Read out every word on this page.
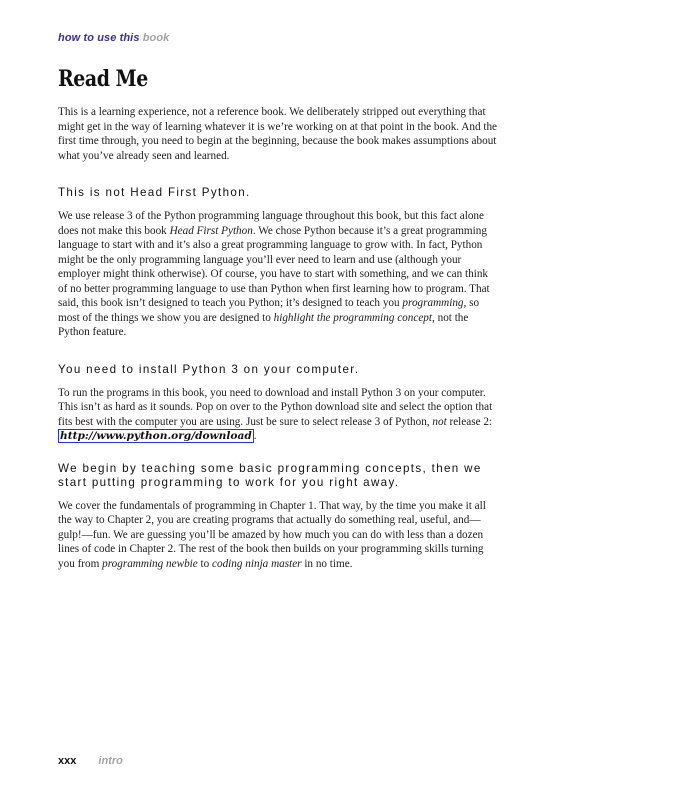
how to use this book
Read Me

This is a learning experience, not a reference book. We deliberately stripped out everything that might get in the way of learning whatever it is we’re working on at that point in the book. And the first time through, you need to begin at the beginning, because the book makes assumptions about what you’ve already seen and learned.

This is not Head First Python.

We use release 3 of the Python programming language throughout this book, but this fact alone does not make this book Head First Python. We chose Python because it’s a great programming language to start with and it’s also a great programming language to grow with. In fact, Python might be the only programming language you’ll ever need to learn and use (although your employer might think otherwise). Of course, you have to start with something, and we can think of no better programming language to use than Python when first learning how to program. That said, this book isn’t designed to teach you Python; it’s designed to teach you programming, so most of the things we show you are designed to highlight the programming concept, not the Python feature.

You need to install Python 3 on your computer.

To run the programs in this book, you need to download and install Python 3 on your computer. This isn’t as hard as it sounds. Pop on over to the Python download site and select the option that fits best with the computer you are using. Just be sure to select release 3 of Python, not release 2: http://www.python.org/download .

We begin by teaching some basic programming concepts, then we start putting programming to work for you right away.

We cover the fundamentals of programming in Chapter 1. That way, by the time you make it all the way to Chapter 2, you are creating programs that actually do something real, useful, and—gulp!—fun. We are guessing you’ll be amazed by how much you can do with less than a dozen lines of code in Chapter 2. The rest of the book then builds on your programming skills turning you from programming newbie to coding ninja master in no time.

xxx intro
